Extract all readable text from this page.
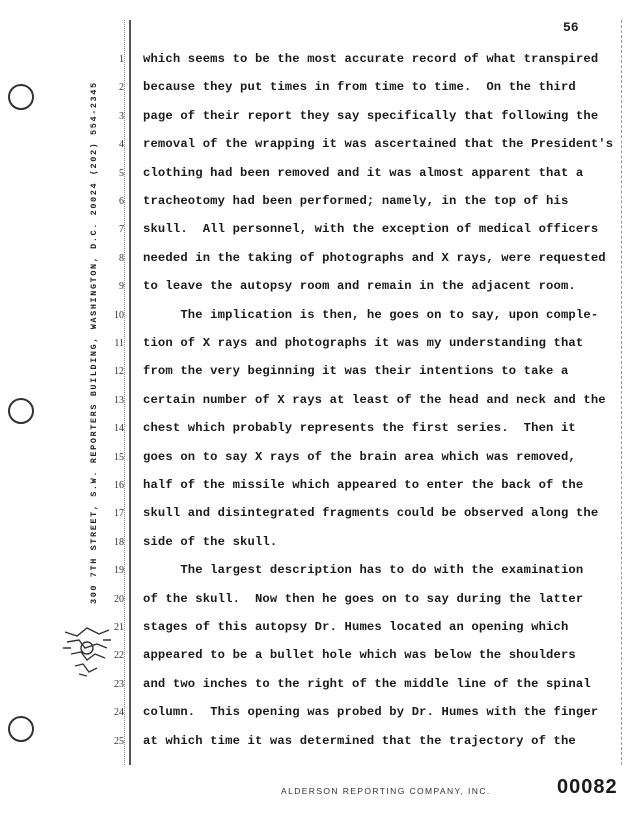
56
300 7TH STREET, S.W. REPORTERS BUILDING, WASHINGTON, D.C. 20024 (202) 554-2345
1 which seems to be the most accurate record of what transpired
2 because they put times in from time to time.  On the third
3 page of their report they say specifically that following the
4 removal of the wrapping it was ascertained that the President's
5 clothing had been removed and it was almost apparent that a
6 tracheotomy had been performed; namely, in the top of his
7 skull.  All personnel, with the exception of medical officers
8 needed in the taking of photographs and X rays, were requested
9 to leave the autopsy room and remain in the adjacent room.
10 The implication is then, he goes on to say, upon comple-
11 tion of X rays and photographs it was my understanding that
12 from the very beginning it was their intentions to take a
13 certain number of X rays at least of the head and neck and the
14 chest which probably represents the first series.  Then it
15 goes on to say X rays of the brain area which was removed,
16 half of the missile which appeared to enter the back of the
17 skull and disintegrated fragments could be observed along the
18 side of the skull.
19 The largest description has to do with the examination
20 of the skull.  Now then he goes on to say during the latter
21 stages of this autopsy Dr. Humes located an opening which
22 appeared to be a bullet hole which was below the shoulders
23 and two inches to the right of the middle line of the spinal
24 column.  This opening was probed by Dr. Humes with the finger
25 at which time it was determined that the trajectory of the
ALDERSON REPORTING COMPANY, INC.	00082
